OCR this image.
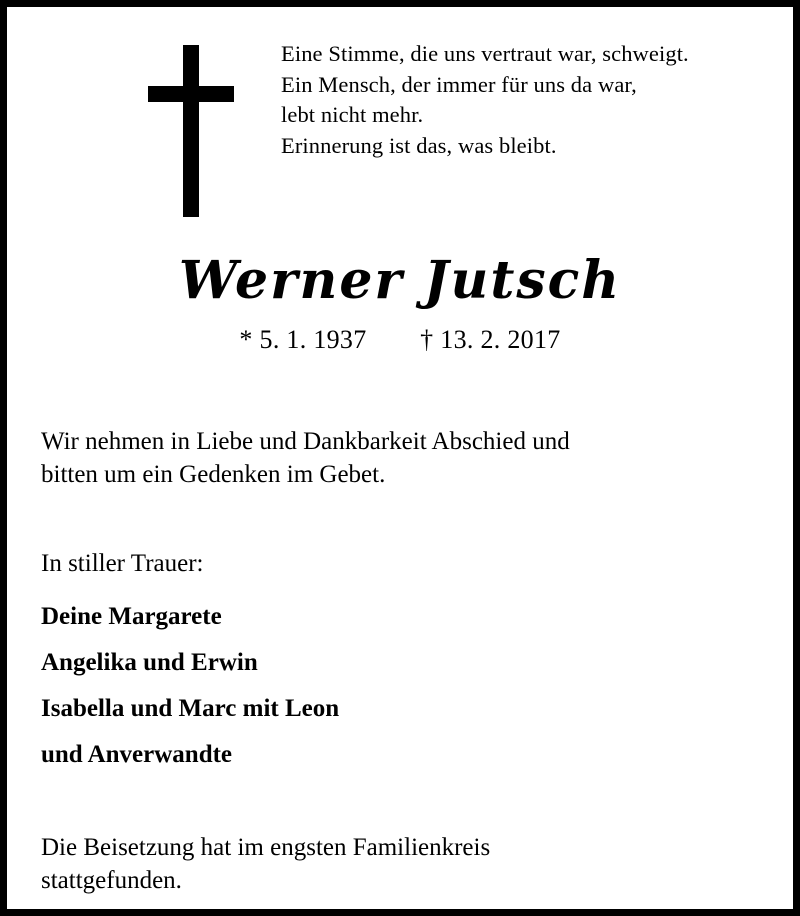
Eine Stimme, die uns vertraut war, schweigt.
Ein Mensch, der immer für uns da war,
lebt nicht mehr.
Erinnerung ist das, was bleibt.
Werner Jutsch
* 5. 1. 1937 † 13. 2. 2017
Wir nehmen in Liebe und Dankbarkeit Abschied und
bitten um ein Gedenken im Gebet.
In stiller Trauer:
Deine Margarete
Angelika und Erwin
Isabella und Marc mit Leon
und Anverwandte
Die Beisetzung hat im engsten Familienkreis
stattgefunden.
